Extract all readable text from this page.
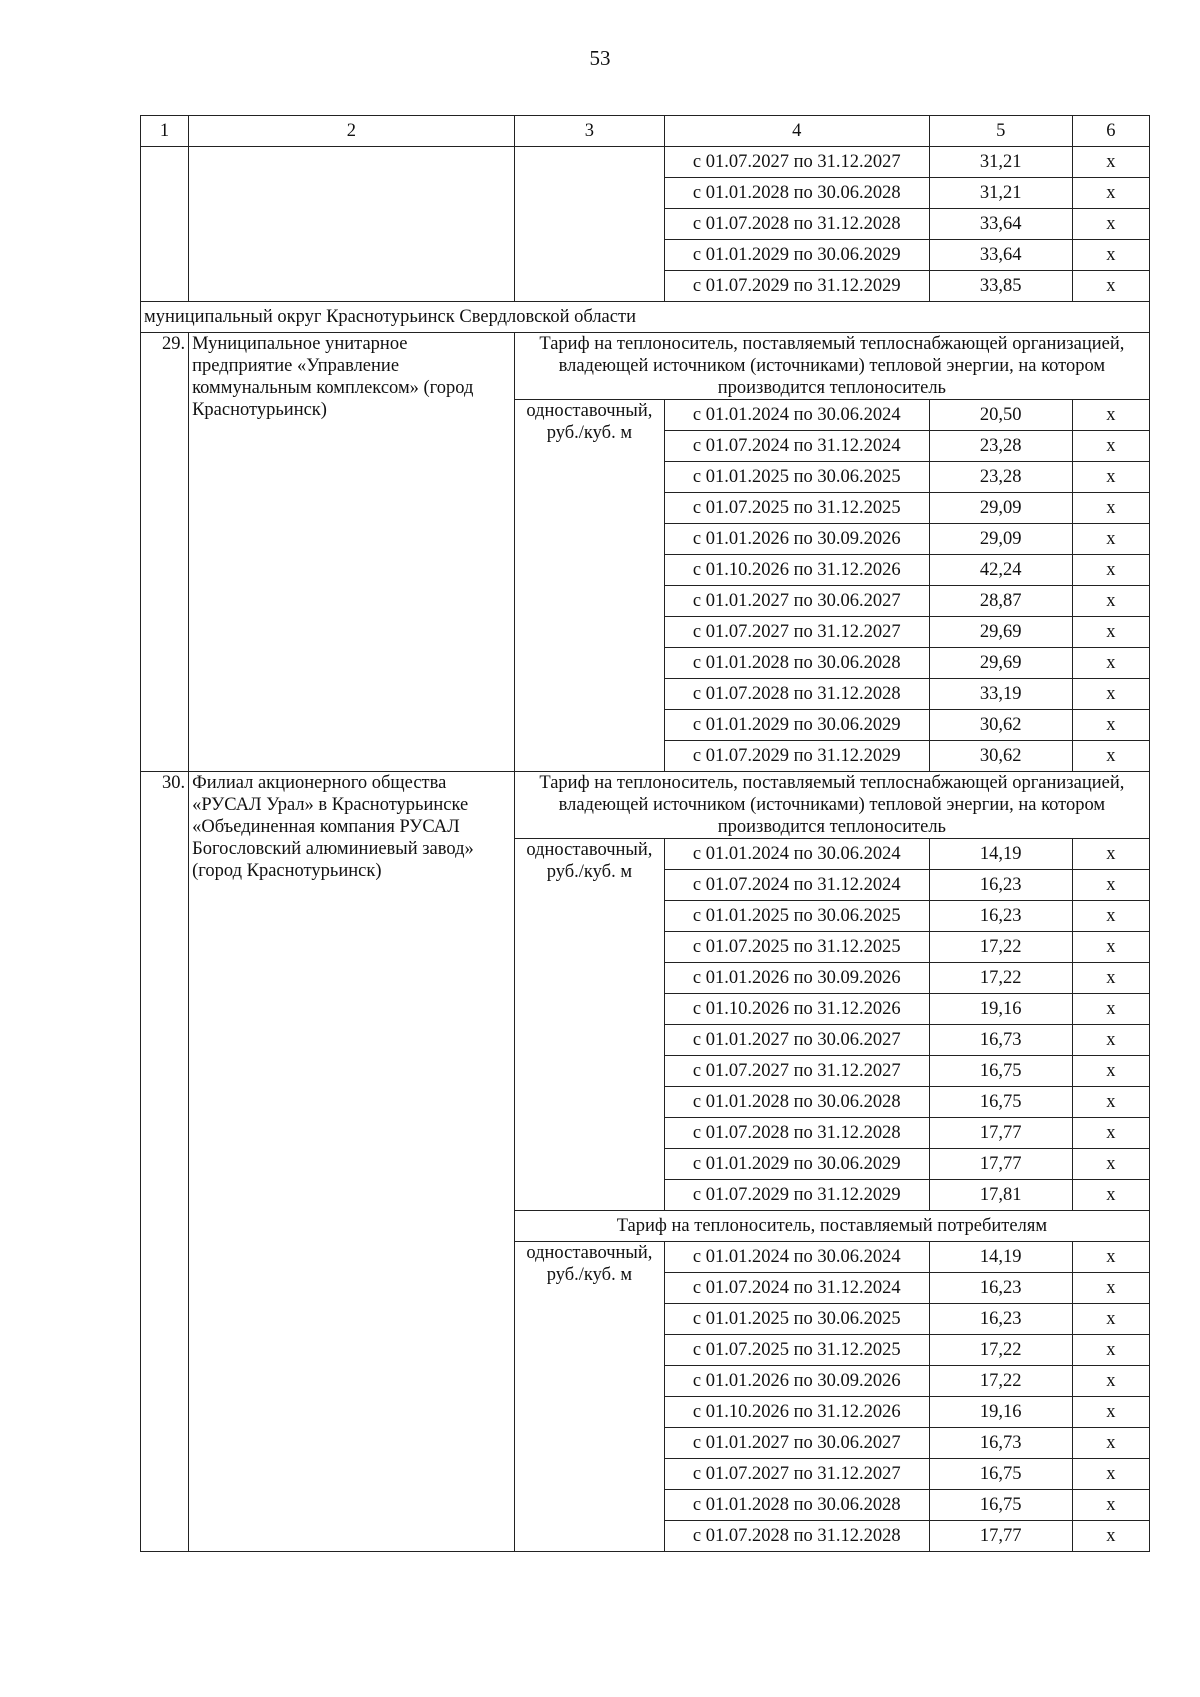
53
1	2	3	4	5	6
			с 01.07.2027 по 31.12.2027	31,21	x
			с 01.01.2028 по 30.06.2028	31,21	x
			с 01.07.2028 по 31.12.2028	33,64	x
			с 01.01.2029 по 30.06.2029	33,64	x
			с 01.07.2029 по 31.12.2029	33,85	x
муниципальный округ Краснотурьинск Свердловской области					
29.	Муниципальное унитарное предприятие «Управление коммунальным комплексом» (город Краснотурьинск)	Тариф на теплоноситель, поставляемый теплоснабжающей организацией, владеющей источником (источниками) тепловой энергии, на котором производится теплоноситель			
		одноставочный, руб./куб. м	с 01.01.2024 по 30.06.2024	20,50	x
			с 01.07.2024 по 31.12.2024	23,28	x
			с 01.01.2025 по 30.06.2025	23,28	x
			с 01.07.2025 по 31.12.2025	29,09	x
			с 01.01.2026 по 30.09.2026	29,09	x
			с 01.10.2026 по 31.12.2026	42,24	x
			с 01.01.2027 по 30.06.2027	28,87	x
			с 01.07.2027 по 31.12.2027	29,69	x
			с 01.01.2028 по 30.06.2028	29,69	x
			с 01.07.2028 по 31.12.2028	33,19	x
			с 01.01.2029 по 30.06.2029	30,62	x
			с 01.07.2029 по 31.12.2029	30,62	x
30.	Филиал акционерного общества «РУСАЛ Урал» в Краснотурьинске «Объединенная компания РУСАЛ Богословский алюминиевый завод» (город Краснотурьинск)	Тариф на теплоноситель, поставляемый теплоснабжающей организацией, владеющей источником (источниками) тепловой энергии, на котором производится теплоноситель			
		одноставочный, руб./куб. м	с 01.01.2024 по 30.06.2024	14,19	x
			с 01.07.2024 по 31.12.2024	16,23	x
			с 01.01.2025 по 30.06.2025	16,23	x
			с 01.07.2025 по 31.12.2025	17,22	x
			с 01.01.2026 по 30.09.2026	17,22	x
			с 01.10.2026 по 31.12.2026	19,16	x
			с 01.01.2027 по 30.06.2027	16,73	x
			с 01.07.2027 по 31.12.2027	16,75	x
			с 01.01.2028 по 30.06.2028	16,75	x
			с 01.07.2028 по 31.12.2028	17,77	x
			с 01.01.2029 по 30.06.2029	17,77	x
			с 01.07.2029 по 31.12.2029	17,81	x
		Тариф на теплоноситель, поставляемый потребителям			
		одноставочный, руб./куб. м	с 01.01.2024 по 30.06.2024	14,19	x
			с 01.07.2024 по 31.12.2024	16,23	x
			с 01.01.2025 по 30.06.2025	16,23	x
			с 01.07.2025 по 31.12.2025	17,22	x
			с 01.01.2026 по 30.09.2026	17,22	x
			с 01.10.2026 по 31.12.2026	19,16	x
			с 01.01.2027 по 30.06.2027	16,73	x
			с 01.07.2027 по 31.12.2027	16,75	x
			с 01.01.2028 по 30.06.2028	16,75	x
			с 01.07.2028 по 31.12.2028	17,77	x
